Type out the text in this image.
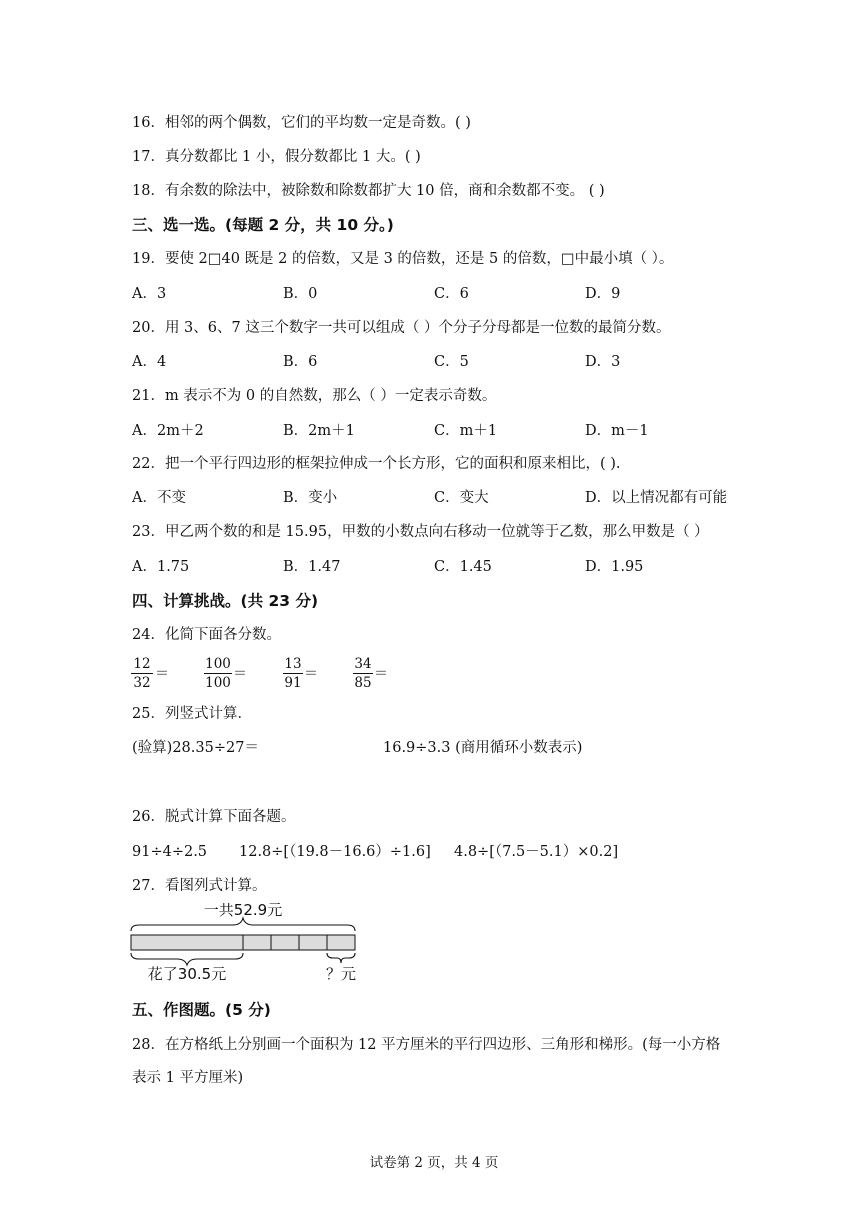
16．相邻的两个偶数，它们的平均数一定是奇数。( )
17．真分数都比 1 小，假分数都比 1 大。( )
18．有余数的除法中，被除数和除数都扩大 10 倍，商和余数都不变。 ( )
三、选一选。(每题 2 分，共 10 分。)
19．要使 2□40 既是 2 的倍数，又是 3 的倍数，还是 5 的倍数，□中最小填（ ）。
A．3	B．0	C．6	D．9
20．用 3、6、7 这三个数字一共可以组成（ ）个分子分母都是一位数的最简分数。
A．4	B．6	C．5	D．3
21．m 表示不为 0 的自然数，那么（ ）一定表示奇数。
A．2m＋2	B．2m＋1	C．m＋1	D．m－1
22．把一个平行四边形的框架拉伸成一个长方形，它的面积和原来相比，( ).
A．不变	B．变小	C．变大	D．以上情况都有可能
23．甲乙两个数的和是 15.95，甲数的小数点向右移动一位就等于乙数，那么甲数是（ ）
A．1.75	B．1.47	C．1.45	D．1.95
四、计算挑战。(共 23 分)
24．化简下面各分数。
12
32
＝
100
100
＝
13
91
＝
34
85
＝
25．列竖式计算．
(验算)28.35÷27＝	16.9÷3.3 (商用循环小数表示)
26．脱式计算下面各题。
91÷4÷2.5 12.8÷[（19.8－16.6）÷1.6] 4.8÷[（7.5－5.1）×0.2]
27．看图列式计算。
一共52.9元
花了30.5元	？元
五、作图题。(5 分)
28．在方格纸上分别画一个面积为 12 平方厘米的平行四边形、三角形和梯形。(每一小方格
表示 1 平方厘米)
试卷第 2 页，共 4 页
